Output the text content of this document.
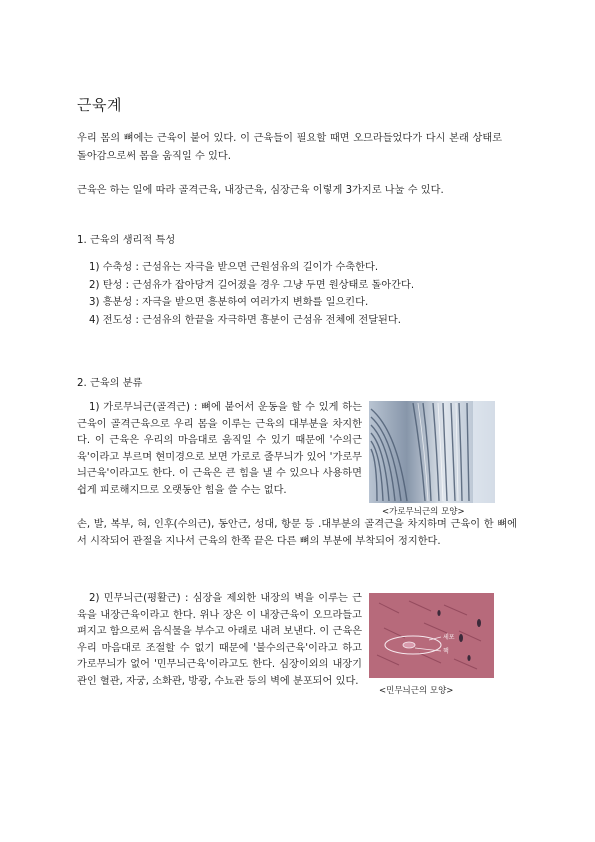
근육계

우리 몸의 뼈에는 근육이 붙어 있다. 이 근육들이 필요할 때면 오므라들었다가 다시 본래 상태로 돌아감으로써 몸을 움직일 수 있다.

근육은 하는 일에 따라 골격근육, 내장근육, 심장근육 이렇게 3가지로 나눌 수 있다.

1. 근육의 생리적 특성
1) 수축성 : 근섬유는 자극을 받으면 근원섬유의 길이가 수축한다.
2) 탄성 : 근섬유가 잡아당겨 길어졌을 경우 그냥 두면 원상태로 돌아간다.
3) 흥분성 : 자극을 받으면 흥분하여 여러가지 변화를 일으킨다.
4) 전도성 : 근섬유의 한끝을 자극하면 흥분이 근섬유 전체에 전달된다.
2. 근육의 분류

1) 가로무늬근(골격근) : 뼈에 붙어서 운동을 할 수 있게 하는 근육이 골격근육으로 우리 몸을 이루는 근육의 대부분을 차지한다. 이 근육은 우리의 마음대로 움직일 수 있기 때문에 '수의근육'이라고 부르며 현미경으로 보면 가로로 줄무늬가 있어 '가로무늬근육'이라고도 한다. 이 근육은 큰 힘을 낼 수 있으나 사용하면 쉽게 피로해지므로 오랫동안 힘을 쓸 수는 없다.

손, 발, 복부, 혀, 인후(수의근), 동안근, 성대, 항문 등 .대부분의 골격근을 차지하며 근육이 한 뼈에서 시작되어 관절을 지나서 근육의 한쪽 끝은 다른 뼈의 부분에 부착되어 정지한다.

<가로무늬근의 모양>

2) 민무늬근(평활근) : 심장을 제외한 내장의 벽을 이루는 근육을 내장근육이라고 한다. 위나 장은 이 내장근육이 오므라들고 펴지고 함으로써 음식물을 부수고 아래로 내려 보낸다. 이 근육은 우리 마음대로 조절할 수 없기 때문에 '불수의근육'이라고 하고 가로무늬가 없어 '민무늬근육'이라고도 한다. 심장이외의 내장기관인 혈관, 자궁, 소화관, 방광, 수뇨관 등의 벽에 분포되어 있다.

세포
핵
<민무늬근의 모양>
